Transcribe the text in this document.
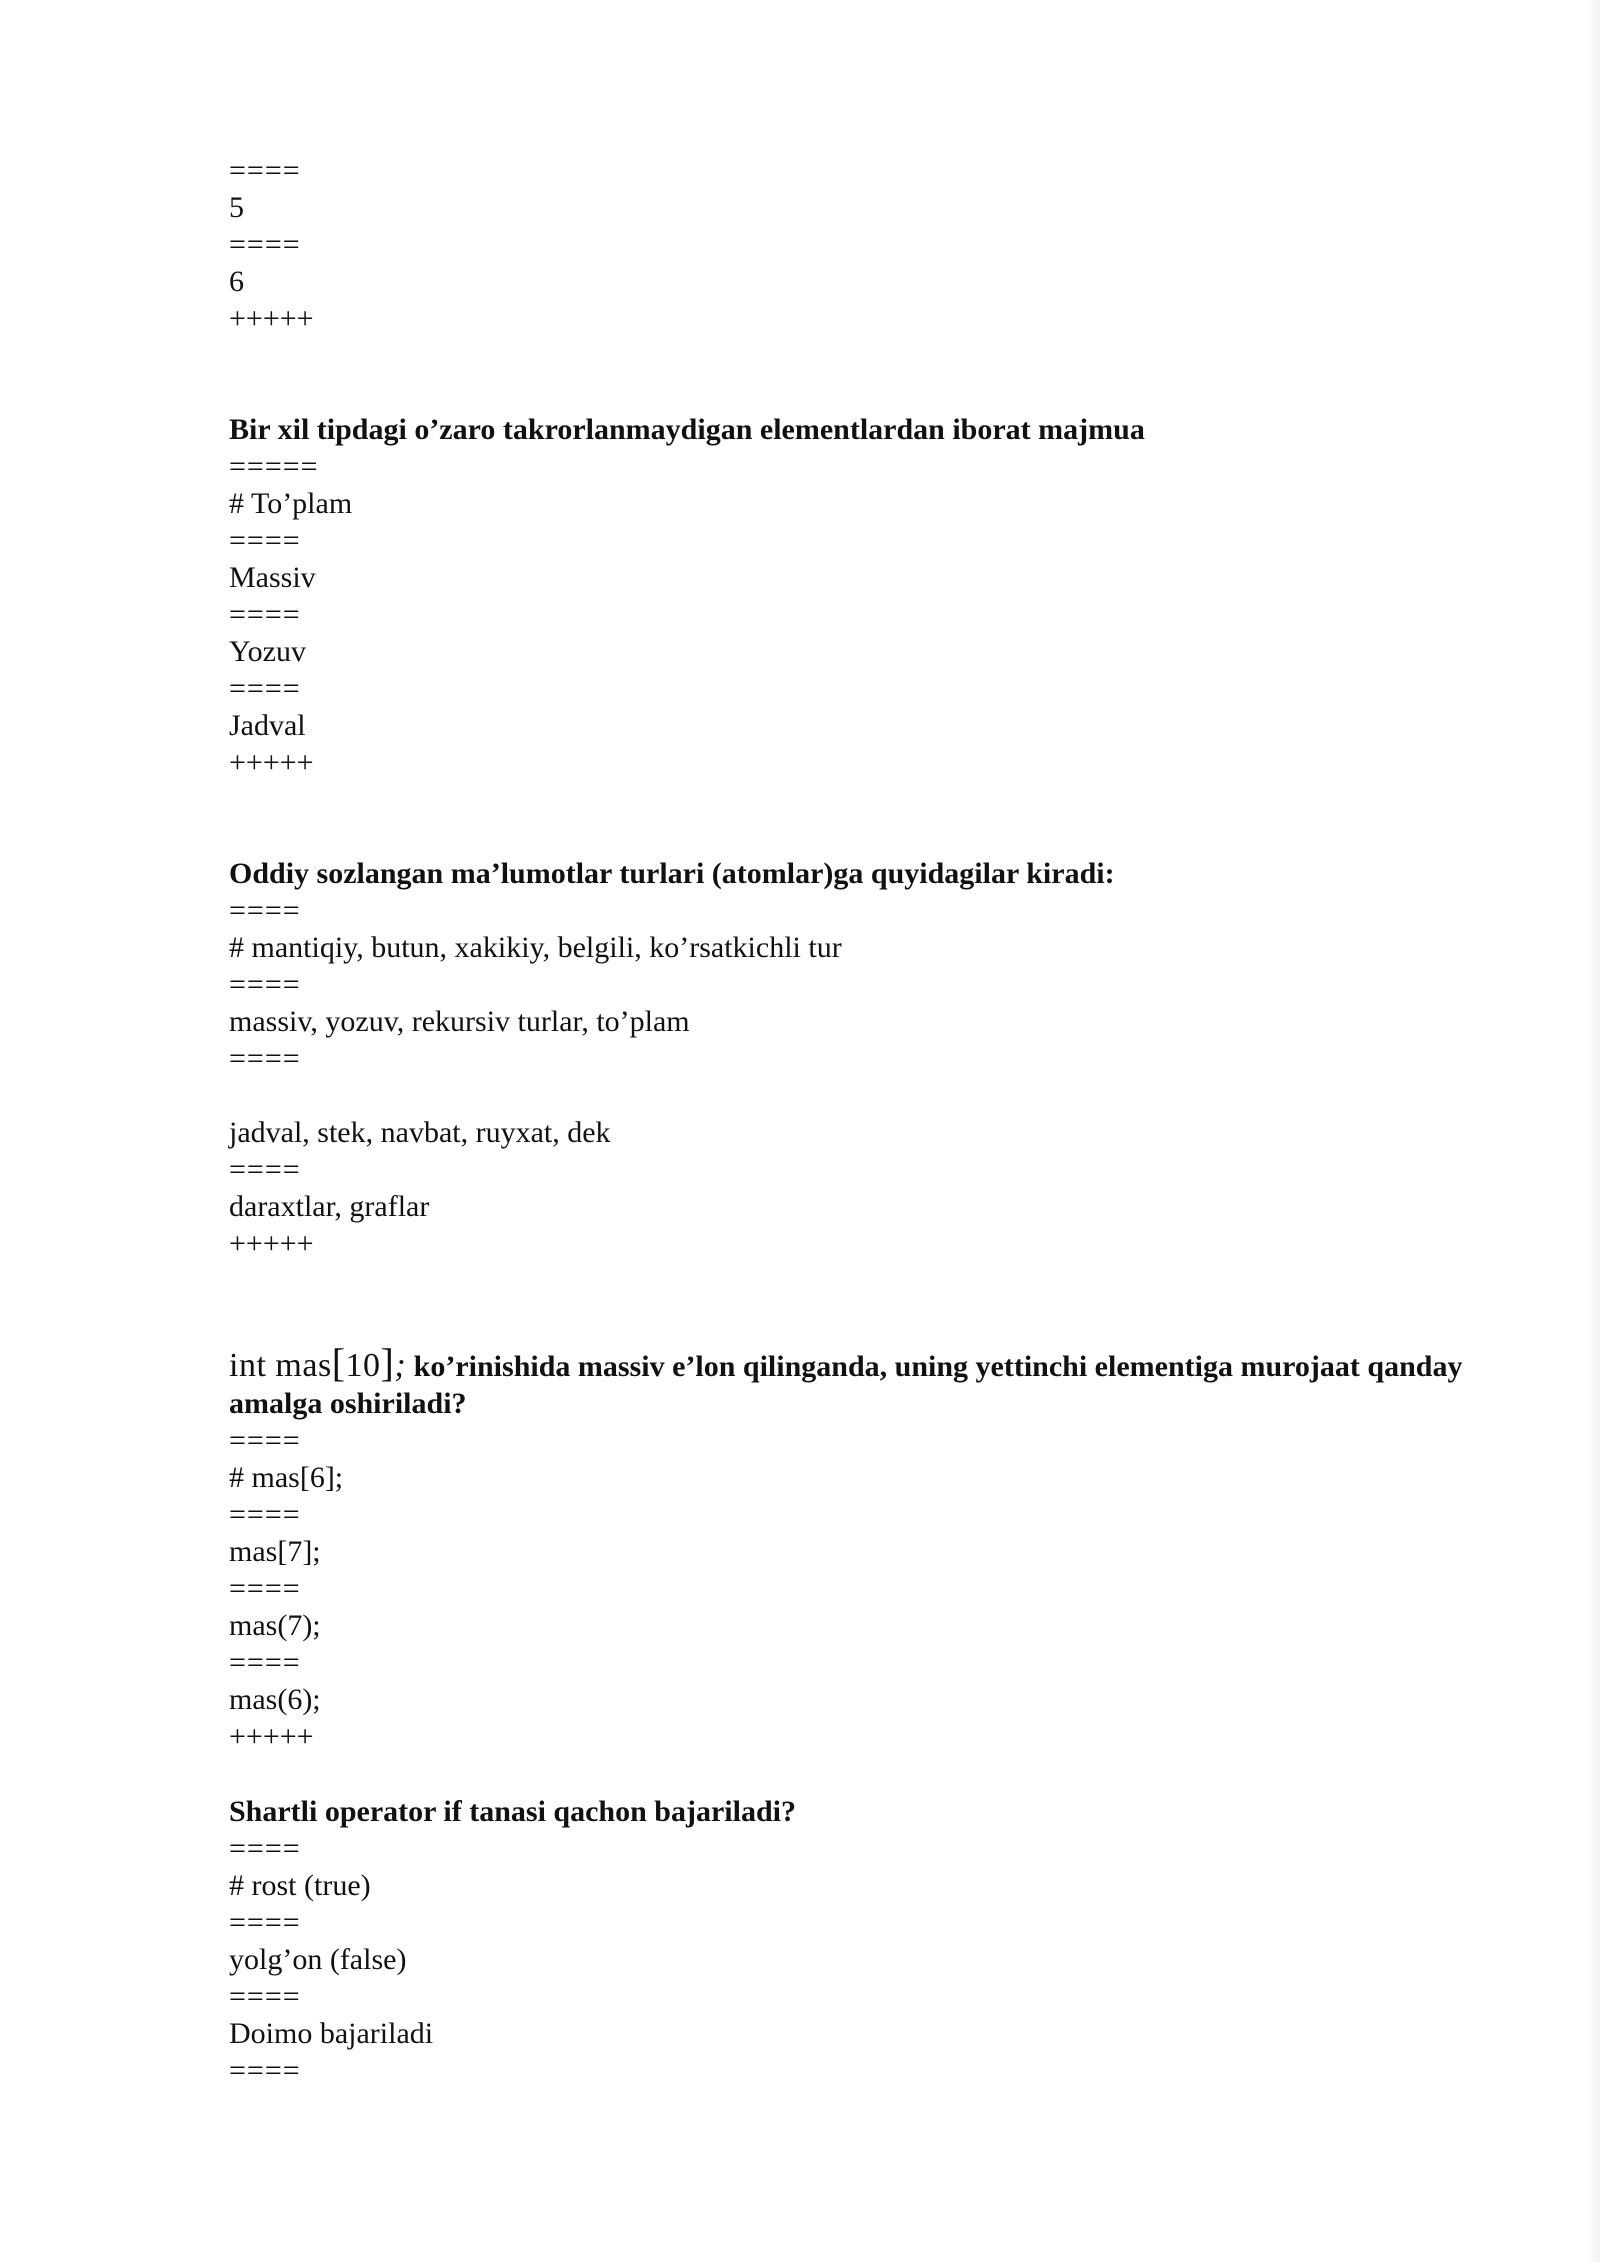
====
5
====
6
+++++
Bir xil tipdagi o’zaro takrorlanmaydigan elementlardan iborat majmua
=====
# To’plam
====
Massiv
====
Yozuv
====
Jadval
+++++
Oddiy sozlangan ma’lumotlar turlari (atomlar)ga quyidagilar kiradi:
====
# mantiqiy, butun, xakikiy, belgili, ko’rsatkichli tur
====
massiv, yozuv, rekursiv turlar, to’plam
====
jadval, stek, navbat, ruyxat, dek
====
daraxtlar, graflar
+++++
int mas[10]; ko’rinishida massiv e’lon qilinganda, uning yettinchi elementiga murojaat qanday amalga oshiriladi?
====
# mas[6];
====
mas[7];
====
mas(7);
====
mas(6);
+++++
Shartli operator if tanasi qachon bajariladi?
====
# rost (true)
====
yolg’on (false)
====
Doimo bajariladi
====
